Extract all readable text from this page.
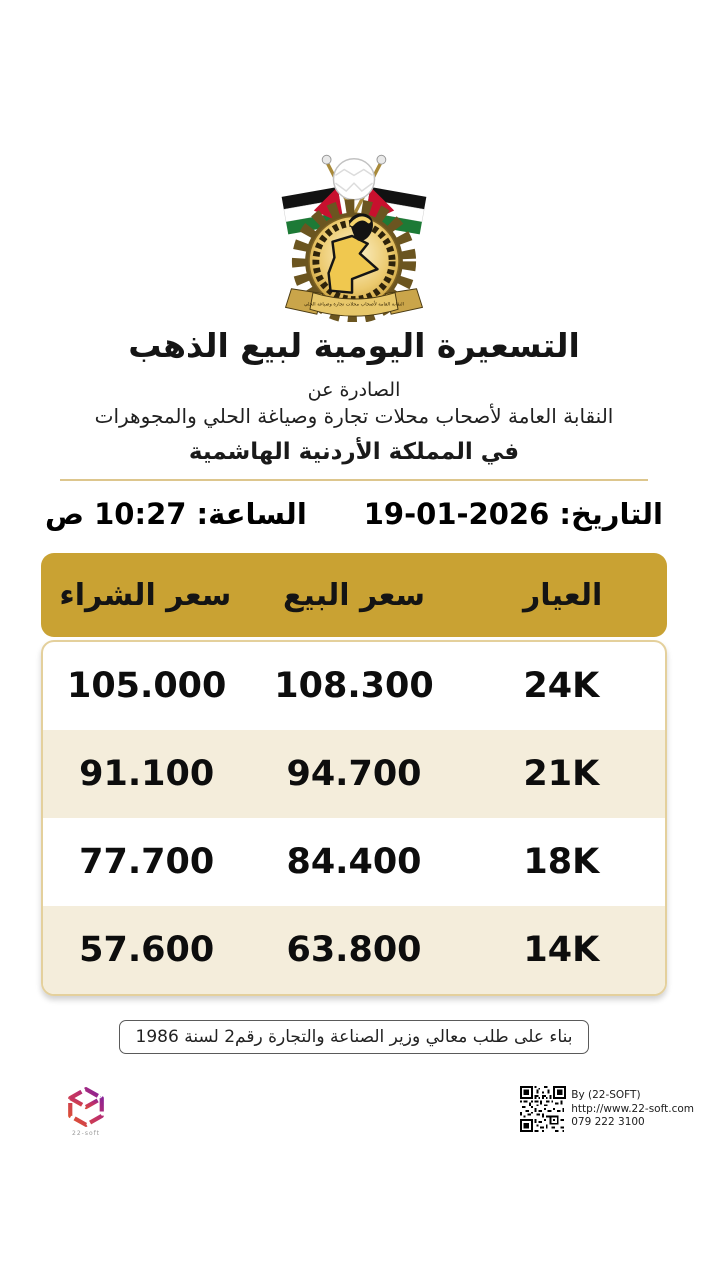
النقابة العامة لأصحاب محلات تجارة وصياغة الحلي
التسعيرة اليومية لبيع الذهب
الصادرة عن
النقابة العامة لأصحاب محلات تجارة وصياغة الحلي والمجوهرات
في المملكة الأردنية الهاشمية
التاريخ: 19-01-2026
الساعة: 10:27 ص
العيار
سعر البيع
سعر الشراء
24K
108.300
105.000
21K
94.700
91.100
18K
84.400
77.700
14K
63.800
57.600
بناء على طلب معالي وزير الصناعة والتجارة رقم2 لسنة 1986
22-soft
By (22-SOFT)
http://www.22-soft.com
079 222 3100
